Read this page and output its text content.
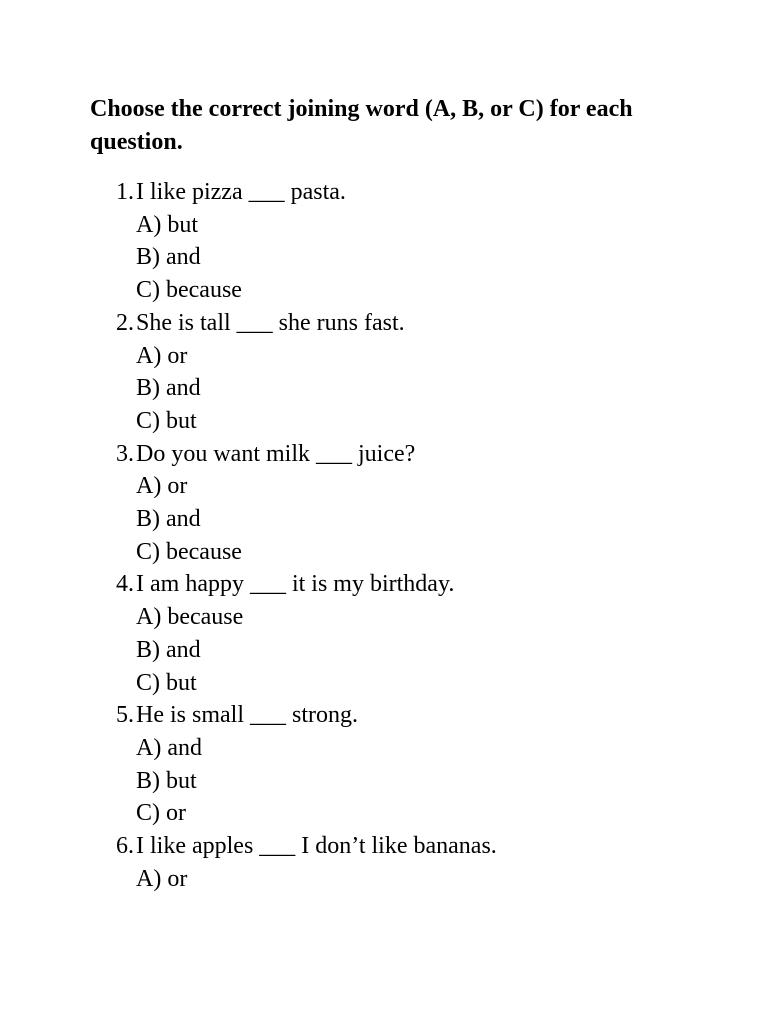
Choose the correct joining word (A, B, or C) for each question.

1. I like pizza ___ pasta.
A) but
B) and
C) because
2. She is tall ___ she runs fast.
A) or
B) and
C) but
3. Do you want milk ___ juice?
A) or
B) and
C) because
4. I am happy ___ it is my birthday.
A) because
B) and
C) but
5. He is small ___ strong.
A) and
B) but
C) or
6. I like apples ___ I don’t like bananas.
A) or
